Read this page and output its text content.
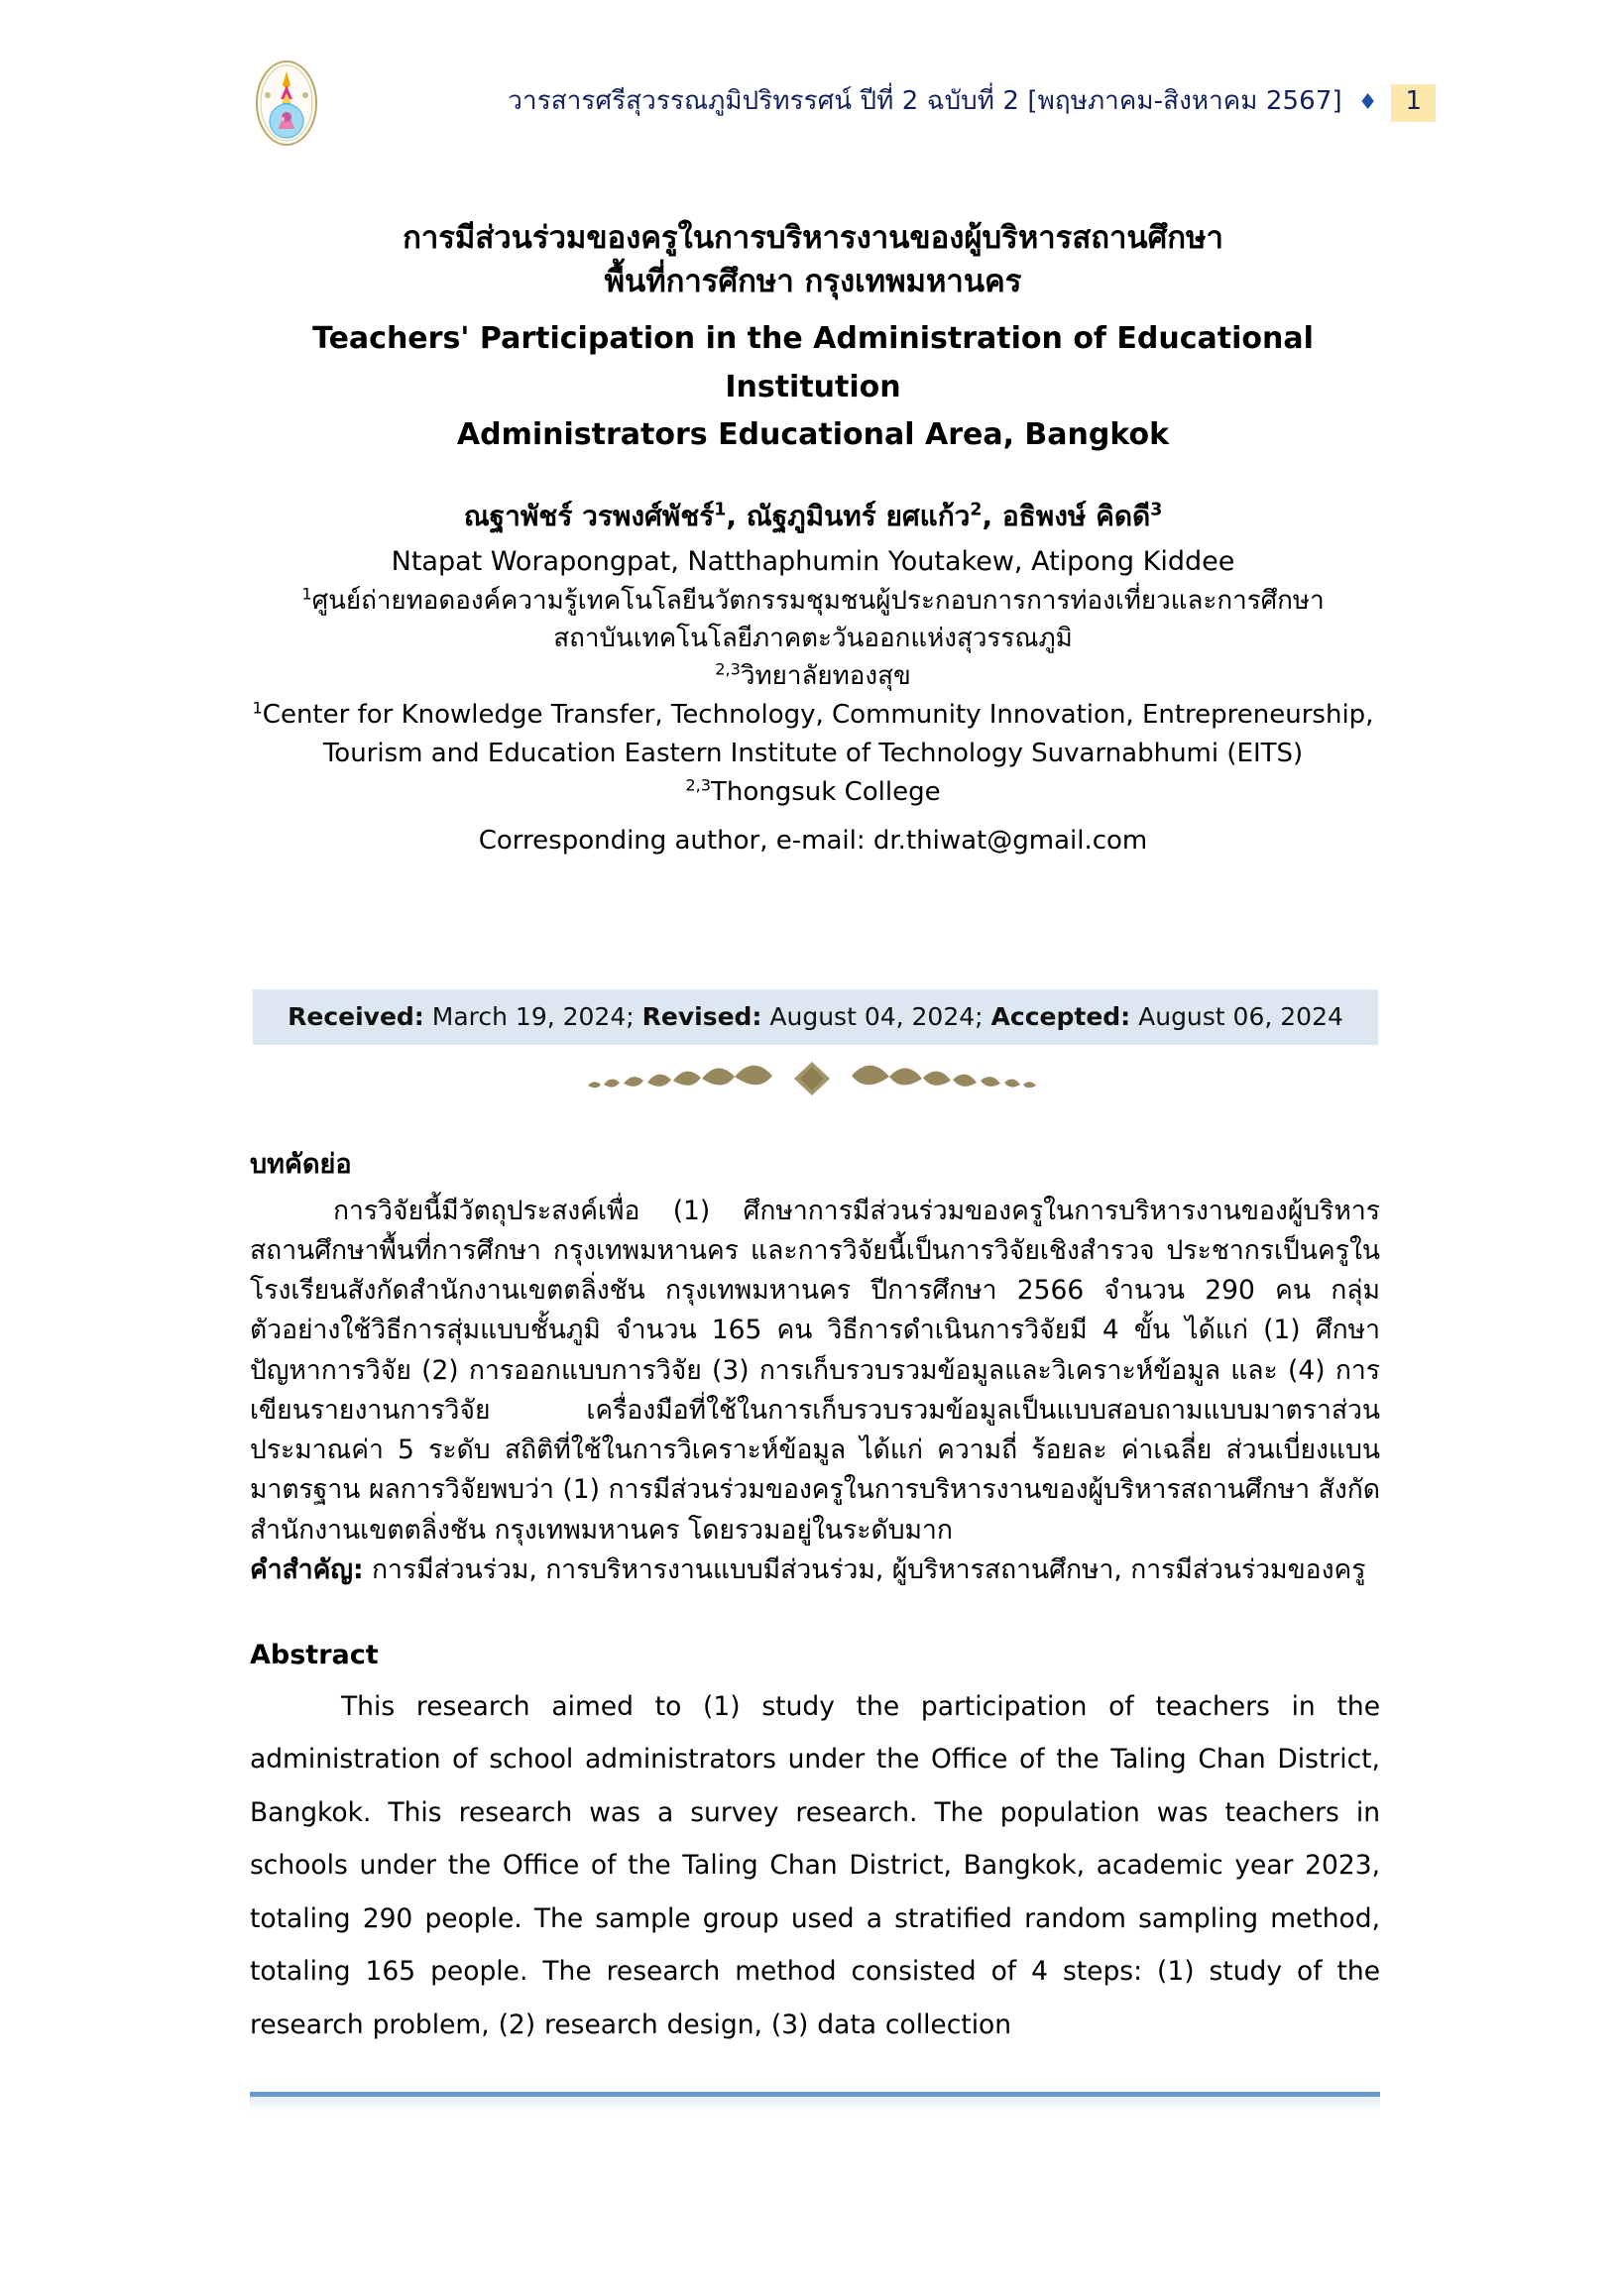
วารสารศรีสุวรรณภูมิปริทรรศน์ ปีที่ 2 ฉบับที่ 2 [พฤษภาคม-สิงหาคม 2567] ♦	1
การมีส่วนร่วมของครูในการบริหารงานของผู้บริหารสถานศึกษา
พื้นที่การศึกษา กรุงเทพมหานคร
Teachers' Participation in the Administration of Educational Institution
Administrators Educational Area, Bangkok
ณฐาพัชร์ วรพงศ์พัชร์$^1$, ณัฐภูมินทร์ ยศแก้ว$^2$, อธิพงษ์ คิดดี$^3$
Ntapat Worapongpat, Natthaphumin Youtakew, Atipong Kiddee
$^1$ศูนย์ถ่ายทอดองค์ความรู้เทคโนโลยีนวัตกรรมชุมชนผู้ประกอบการการท่องเที่ยวและการศึกษา
สถาบันเทคโนโลยีภาคตะวันออกแห่งสุวรรณภูมิ
$^{2,3}$วิทยาลัยทองสุข
$^1$Center for Knowledge Transfer, Technology, Community Innovation, Entrepreneurship,
Tourism and Education Eastern Institute of Technology Suvarnabhumi (EITS)
$^{2,3}$Thongsuk College
Corresponding author, e-mail: dr.thiwat@gmail.com
Received: March 19, 2024; Revised: August 04, 2024; Accepted: August 06, 2024
บทคัดย่อ

การวิจัยนี้มีวัตถุประสงค์เพื่อ (1) ศึกษาการมีส่วนร่วมของครูในการบริหารงานของผู้บริหารสถานศึกษาพื้นที่การศึกษา กรุงเทพมหานคร และการวิจัยนี้เป็นการวิจัยเชิงสำรวจ ประชากรเป็นครูในโรงเรียนสังกัดสำนักงานเขตตลิ่งชัน กรุงเทพมหานคร ปีการศึกษา 2566 จำนวน 290 คน กลุ่มตัวอย่างใช้วิธีการสุ่มแบบชั้นภูมิ จำนวน 165 คน วิธีการดำเนินการวิจัยมี 4 ขั้น ได้แก่ (1) ศึกษาปัญหาการวิจัย (2) การออกแบบการวิจัย (3) การเก็บรวบรวมข้อมูลและวิเคราะห์ข้อมูล และ (4) การเขียนรายงานการวิจัย เครื่องมือที่ใช้ในการเก็บรวบรวมข้อมูลเป็นแบบสอบถามแบบมาตราส่วนประมาณค่า 5 ระดับ สถิติที่ใช้ในการวิเคราะห์ข้อมูล ได้แก่ ความถี่ ร้อยละ ค่าเฉลี่ย ส่วนเบี่ยงแบนมาตรฐาน ผลการวิจัยพบว่า (1) การมีส่วนร่วมของครูในการบริหารงานของผู้บริหารสถานศึกษา สังกัดสำนักงานเขตตลิ่งชัน กรุงเทพมหานคร โดยรวมอยู่ในระดับมาก

คำสำคัญ: การมีส่วนร่วม, การบริหารงานแบบมีส่วนร่วม, ผู้บริหารสถานศึกษา, การมีส่วนร่วมของครู

Abstract

This research aimed to (1) study the participation of teachers in the administration of school administrators under the Office of the Taling Chan District, Bangkok. This research was a survey research. The population was teachers in schools under the Office of the Taling Chan District, Bangkok, academic year 2023, totaling 290 people. The sample group used a stratified random sampling method, totaling 165 people. The research method consisted of 4 steps: (1) study of the research problem, (2) research design, (3) data collection
